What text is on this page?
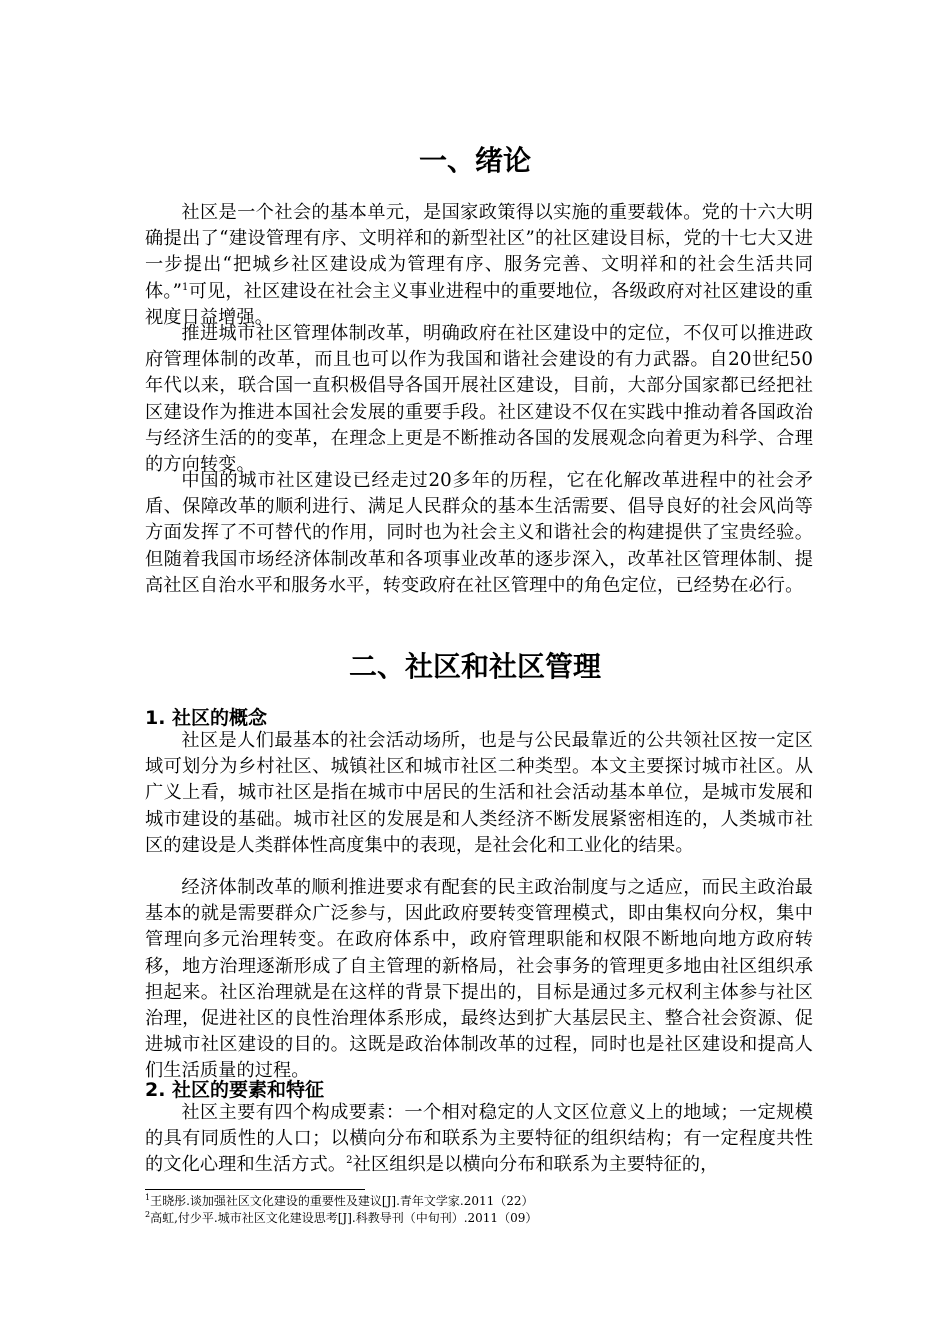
一、绪论

社区是一个社会的基本单元，是国家政策得以实施的重要载体。党的十六大明确提出了“建设管理有序、文明祥和的新型社区”的社区建设目标，党的十七大又进一步提出“把城乡社区建设成为管理有序、服务完善、文明祥和的社会生活共同体。”$^1$可见，社区建设在社会主义事业进程中的重要地位，各级政府对社区建设的重视度日益增强。

推进城市社区管理体制改革，明确政府在社区建设中的定位，不仅可以推进政府管理体制的改革，而且也可以作为我国和谐社会建设的有力武器。自20世纪50年代以来，联合国一直积极倡导各国开展社区建设，目前，大部分国家都已经把社区建设作为推进本国社会发展的重要手段。社区建设不仅在实践中推动着各国政治与经济生活的的变革，在理念上更是不断推动各国的发展观念向着更为科学、合理的方向转变。

中国的城市社区建设已经走过20多年的历程，它在化解改革进程中的社会矛盾、保障改革的顺利进行、满足人民群众的基本生活需要、倡导良好的社会风尚等方面发挥了不可替代的作用，同时也为社会主义和谐社会的构建提供了宝贵经验。但随着我国市场经济体制改革和各项事业改革的逐步深入，改革社区管理体制、提高社区自治水平和服务水平，转变政府在社区管理中的角色定位，已经势在必行。

二、社区和社区管理
1. 社区的概念

社区是人们最基本的社会活动场所，也是与公民最靠近的公共领社区按一定区域可划分为乡村社区、城镇社区和城市社区二种类型。本文主要探讨城市社区。从广义上看，城市社区是指在城市中居民的生活和社会活动基本单位，是城市发展和城市建设的基础。城市社区的发展是和人类经济不断发展紧密相连的，人类城市社区的建设是人类群体性高度集中的表现，是社会化和工业化的结果。

经济体制改革的顺利推进要求有配套的民主政治制度与之适应，而民主政治最基本的就是需要群众广泛参与，因此政府要转变管理模式，即由集权向分权，集中管理向多元治理转变。在政府体系中，政府管理职能和权限不断地向地方政府转移，地方治理逐渐形成了自主管理的新格局，社会事务的管理更多地由社区组织承担起来。社区治理就是在这样的背景下提出的，目标是通过多元权利主体参与社区治理，促进社区的良性治理体系形成，最终达到扩大基层民主、整合社会资源、促进城市社区建设的目的。这既是政治体制改革的过程，同时也是社区建设和提高人们生活质量的过程。

2. 社区的要素和特征

社区主要有四个构成要素：一个相对稳定的人文区位意义上的地域；一定规模的具有同质性的人口；以横向分布和联系为主要特征的组织结构；有一定程度共性的文化心理和生活方式。$^2$社区组织是以横向分布和联系为主要特征的，

$^1$王晓彤.谈加强社区文化建设的重要性及建议[J].青年文学家.2011（22）

$^2$高虹,付少平.城市社区文化建设思考[J].科教导刊（中旬刊）.2011（09）
